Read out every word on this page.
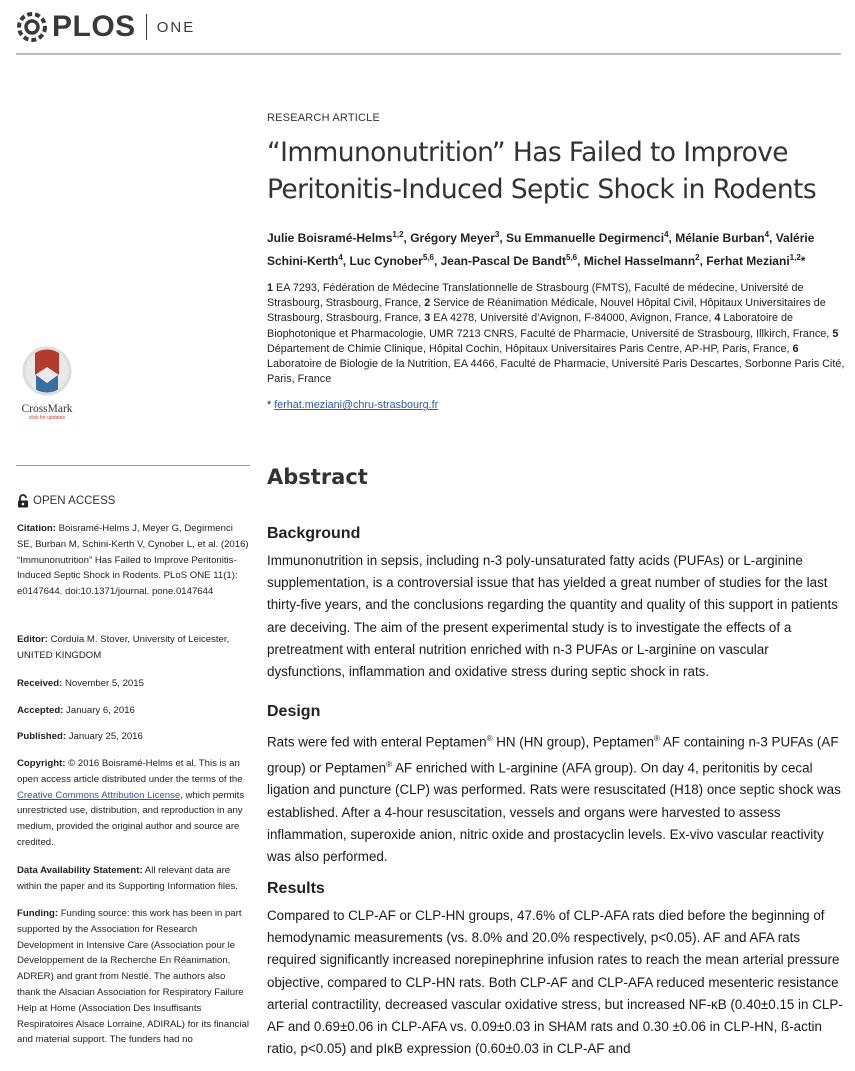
PLOS ONE
RESEARCH ARTICLE
“Immunonutrition” Has Failed to Improve
Peritonitis-Induced Septic Shock in Rodents
Julie Boisramé-Helms$^{1,2}$, Grégory Meyer$^3$, Su Emmanuelle Degirmenci$^4$, Mélanie Burban$^4$, Valérie Schini-Kerth$^4$, Luc Cynober$^{5,6}$, Jean-Pascal De Bandt$^{5,6}$, Michel Hasselmann$^2$, Ferhat Meziani$^{1,2}$*
1 EA 7293, Fédération de Médecine Translationnelle de Strasbourg (FMTS), Faculté de médecine, Université de Strasbourg, Strasbourg, France, 2 Service de Réanimation Médicale, Nouvel Hôpital Civil, Hôpitaux Universitaires de Strasbourg, Strasbourg, France, 3 EA 4278, Université d’Avignon, F-84000, Avignon, France, 4 Laboratoire de Biophotonique et Pharmacologie, UMR 7213 CNRS, Faculté de Pharmacie, Université de Strasbourg, Illkirch, France, 5 Département de Chimie Clinique, Hôpital Cochin, Hôpitaux Universitaires Paris Centre, AP-HP, Paris, France, 6 Laboratoire de Biologie de la Nutrition, EA 4466, Faculté de Pharmacie, Université Paris Descartes, Sorbonne Paris Cité, Paris, France
* ferhat.meziani@chru-strasbourg.fr
Abstract
Background

Immunonutrition in sepsis, including n-3 poly-unsaturated fatty acids (PUFAs) or L-arginine supplementation, is a controversial issue that has yielded a great number of studies for the last thirty-five years, and the conclusions regarding the quantity and quality of this support in patients are deceiving. The aim of the present experimental study is to investigate the effects of a pretreatment with enteral nutrition enriched with n-3 PUFAs or L-arginine on vascular dysfunctions, inflammation and oxidative stress during septic shock in rats.

Design

Rats were fed with enteral Peptamen® HN (HN group), Peptamen® AF containing n-3 PUFAs (AF group) or Peptamen® AF enriched with L-arginine (AFA group). On day 4, peritonitis by cecal ligation and puncture (CLP) was performed. Rats were resuscitated (H18) once septic shock was established. After a 4-hour resuscitation, vessels and organs were harvested to assess inflammation, superoxide anion, nitric oxide and prostacyclin levels. Ex-vivo vascular reactivity was also performed.

Results

Compared to CLP-AF or CLP-HN groups, 47.6% of CLP-AFA rats died before the beginning of hemodynamic measurements (vs. 8.0% and 20.0% respectively, p<0.05). AF and AFA rats required significantly increased norepinephrine infusion rates to reach the mean arterial pressure objective, compared to CLP-HN rats. Both CLP-AF and CLP-AFA reduced mesenteric resistance arterial contractility, decreased vascular oxidative stress, but increased NF-κB (0.40±0.15 in CLP-AF and 0.69±0.06 in CLP-AFA vs. 0.09±0.03 in SHAM rats and 0.30 ±0.06 in CLP-HN, ß-actin ratio, p<0.05) and pIκB expression (0.60±0.03 in CLP-AF and

CrossMark
click for updates
OPEN ACCESS
Citation: Boisramé-Helms J, Meyer G, Degirmenci SE, Burban M, Schini-Kerth V, Cynober L, et al. (2016) “Immunonutrition” Has Failed to Improve Peritonitis-Induced Septic Shock in Rodents. PLoS ONE 11(1): e0147644. doi:10.1371/journal. pone.0147644
Editor: Cordula M. Stover, University of Leicester, UNITED KINGDOM
Received: November 5, 2015
Accepted: January 6, 2016
Published: January 25, 2016
Copyright: © 2016 Boisramé-Helms et al. This is an open access article distributed under the terms of the Creative Commons Attribution License, which permits unrestricted use, distribution, and reproduction in any medium, provided the original author and source are credited.
Data Availability Statement: All relevant data are within the paper and its Supporting Information files.
Funding: Funding source: this work has been in part supported by the Association for Research Development in Intensive Care (Association pour le Développement de la Recherche En Réanimation, ADRER) and grant from Nestlé. The authors also thank the Alsacian Association for Respiratory Failure Help at Home (Association Des Insuffisants Respiratoires Alsace Lorraine, ADIRAL) for its financial and material support. The funders had no
